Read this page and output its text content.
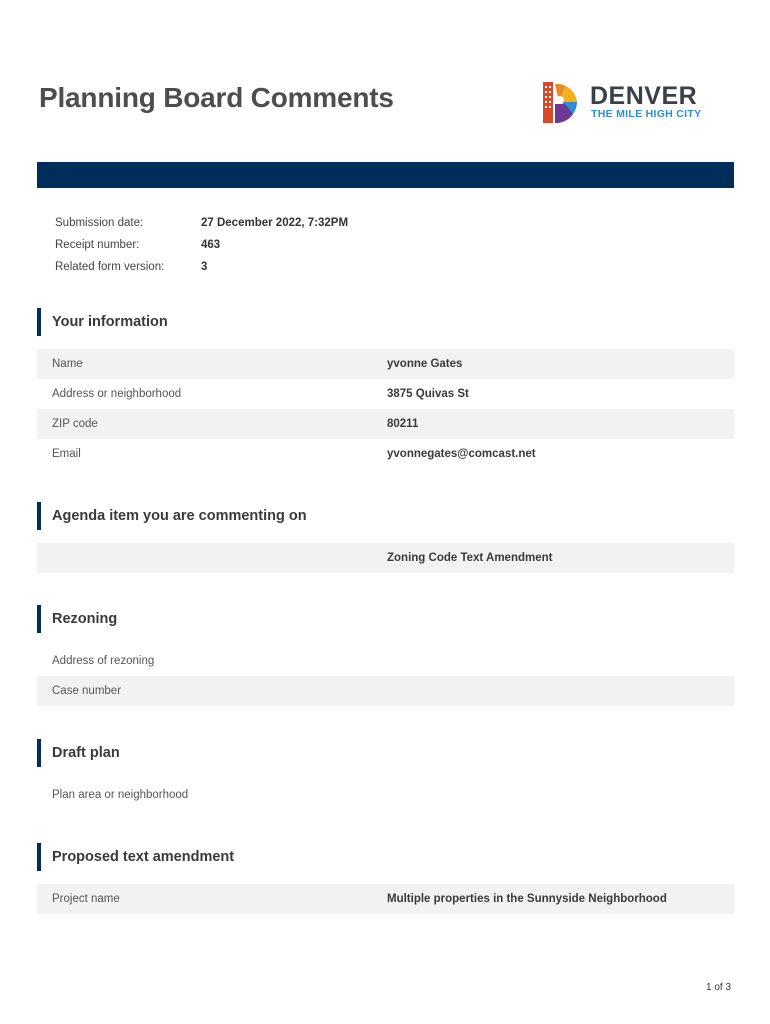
Planning Board Comments	DENVER
THE MILE HIGH CITY
Submission date:	27 December 2022, 7:32PM
Receipt number:	463
Related form version:	3
Your information
Name	yvonne Gates
Address or neighborhood	3875 Quivas St
ZIP code	80211
Email	yvonnegates@comcast.net
Agenda item you are commenting on
Zoning Code Text Amendment
Rezoning
Address of rezoning
Case number
Draft plan
Plan area or neighborhood
Proposed text amendment
Project name	Multiple properties in the Sunnyside Neighborhood
1 of 3
